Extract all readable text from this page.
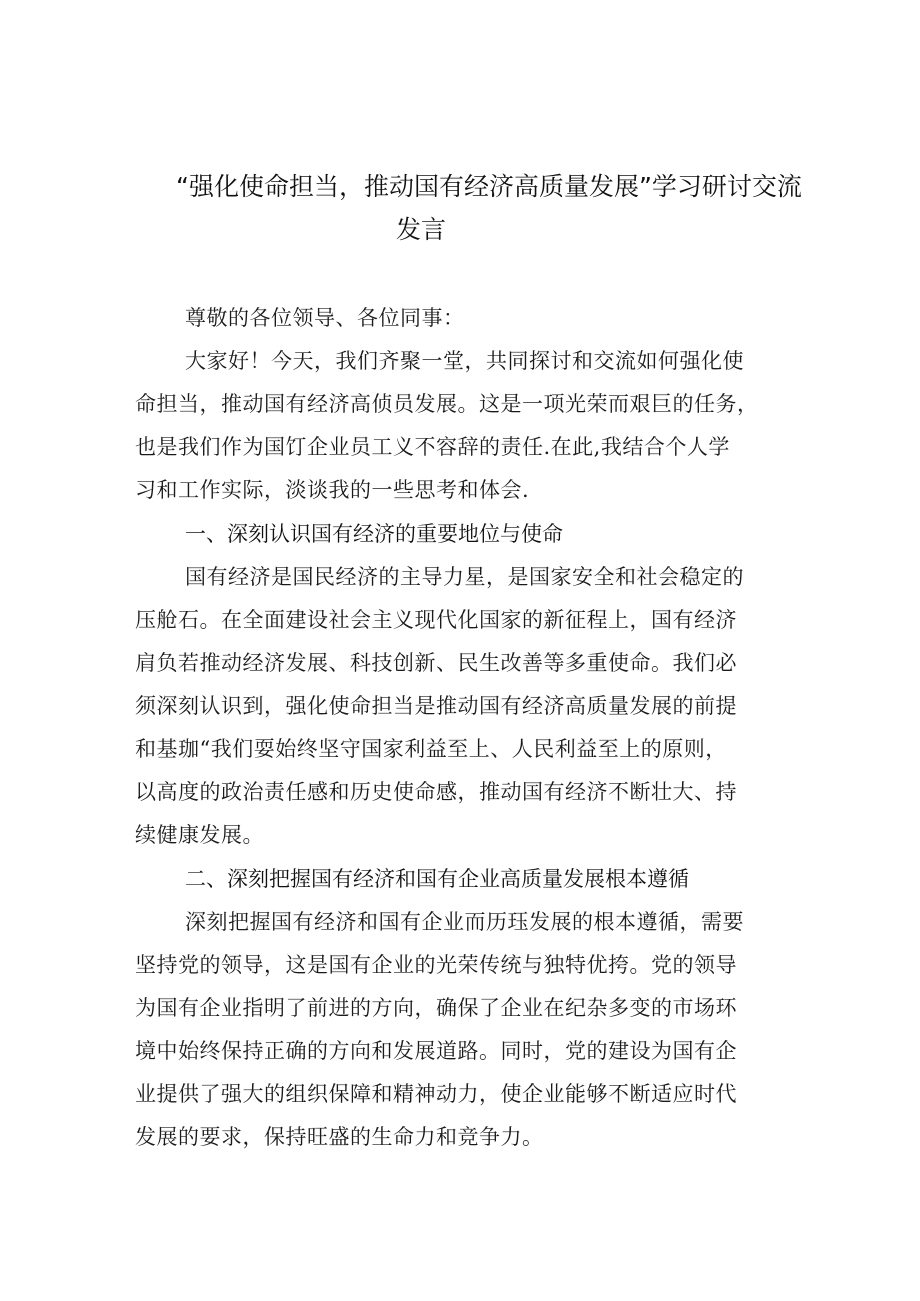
“强化使命担当，推动国有经济高质量发展”学习研讨交流
发言
尊敬的各位领导、各位同事：
大家好！今天，我们齐聚一堂，共同探讨和交流如何强化使
命担当，推动国有经济高侦员发展。这是一项光荣而艰巨的任务，
也是我们作为国饤企业员工义不容辞的责任.在此,我结合个人学
习和工作实际，淡谈我的一些思考和体会.
一、深刻认识国有经济的重要地位与使命
国有经济是国民经济的主导力星，是国家安全和社会稳定的
压舱石。在全面建设社会主义现代化国家的新征程上，国有经济
肩负若推动经济发展、科技创新、民生改善等多重使命。我们必
须深刻认识到，强化使命担当是推动国有经济高质量发展的前提
和基珈“我们耍始终坚守国家利益至上、人民利益至上的原则，
以高度的政治责任感和历史使命感，推动国有经济不断壮大、持
续健康发展。
二、深刻把握国有经济和国有企业高质量发展根本遵循
深刻把握国有经济和国有企业而历珏发展的根本遵循，需要
坚持党的领导，这是国有企业的光荣传统与独特优挎。党的领导
为国有企业指明了前进的方向，确保了企业在纪杂多变的市场环
境中始终保持正确的方向和发展道路。同时，党的建设为国有企
业提供了强大的组织保障和精神动力，使企业能够不断适应时代
发展的要求，保持旺盛的生命力和竞争力。
